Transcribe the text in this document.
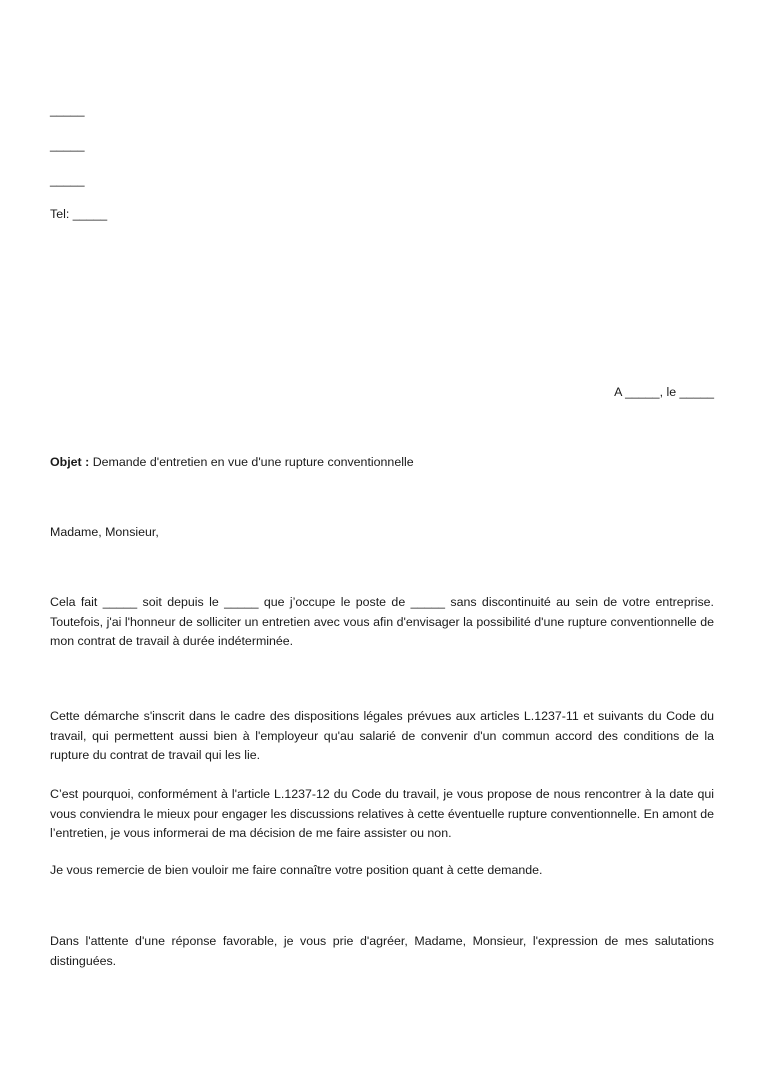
_____

_____

_____

Tel: _____

A _____, le _____

Objet : Demande d'entretien en vue d'une rupture conventionnelle

Madame, Monsieur,

Cela fait _____ soit depuis le _____ que j’occupe le poste de _____ sans discontinuité au sein de votre entreprise. Toutefois, j'ai l'honneur de solliciter un entretien avec vous afin d'envisager la possibilité d'une rupture conventionnelle de mon contrat de travail à durée indéterminée.

Cette démarche s'inscrit dans le cadre des dispositions légales prévues aux articles L.1237-11 et suivants du Code du travail, qui permettent aussi bien à l'employeur qu'au salarié de convenir d'un commun accord des conditions de la rupture du contrat de travail qui les lie.

C’est pourquoi, conformément à l'article L.1237-12 du Code du travail, je vous propose de nous rencontrer à la date qui vous conviendra le mieux pour engager les discussions relatives à cette éventuelle rupture conventionnelle. En amont de l’entretien, je vous informerai de ma décision de me faire assister ou non.

Je vous remercie de bien vouloir me faire connaître votre position quant à cette demande.

Dans l'attente d'une réponse favorable, je vous prie d'agréer, Madame, Monsieur, l'expression de mes salutations distinguées.
